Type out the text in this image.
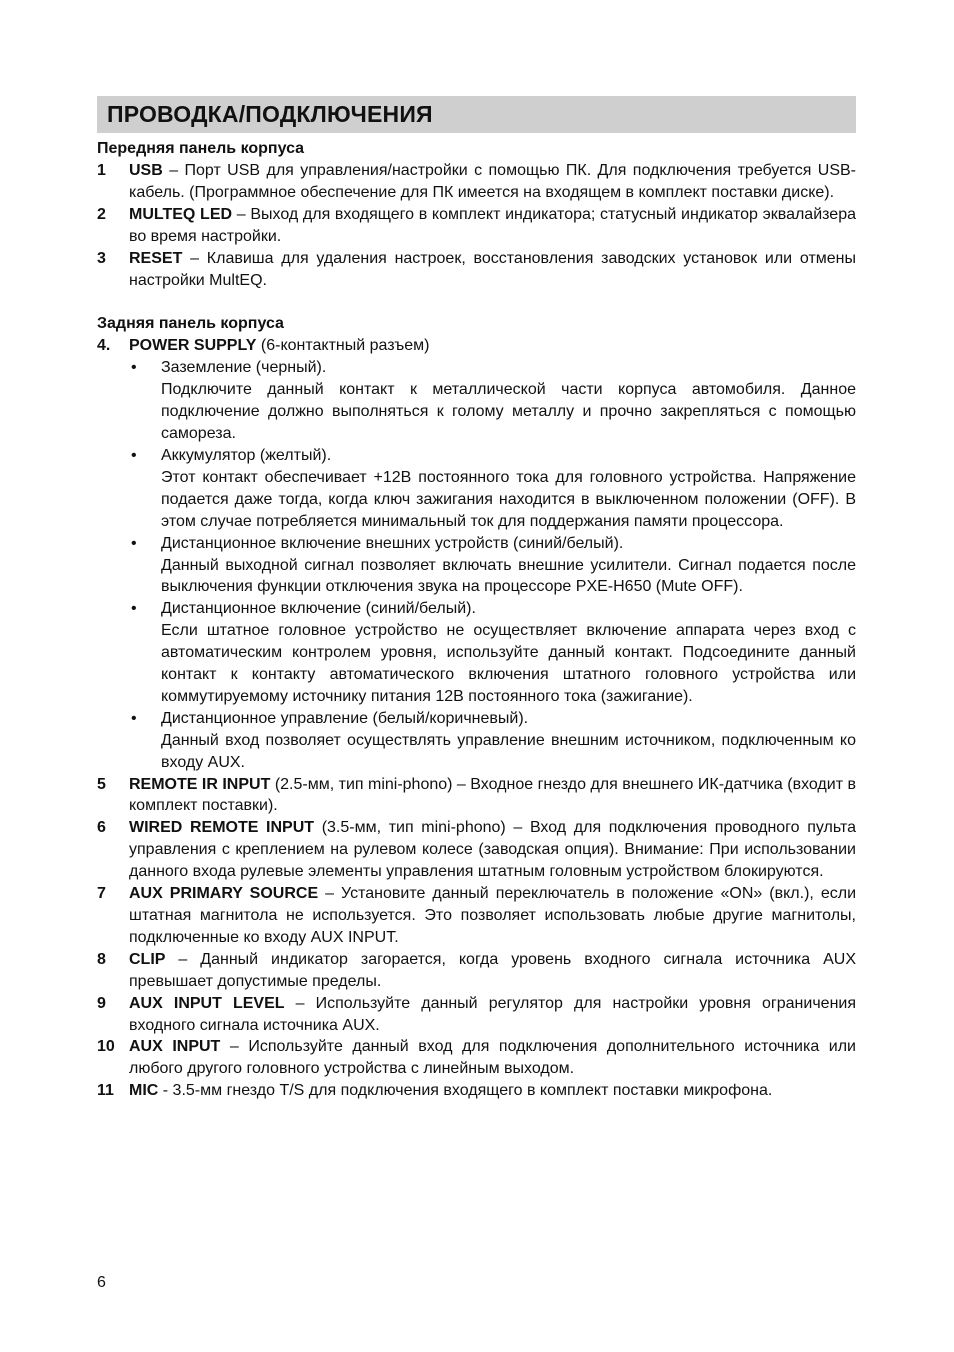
ПРОВОДКА/ПОДКЛЮЧЕНИЯ

Передняя панель корпуса

1	USB – Порт USB для управления/настройки с помощью ПК. Для подключения требуется USB-кабель. (Программное обеспечение для ПК имеется на входящем в комплект поставки диске).
2	MULTEQ LED – Выход для входящего в комплект индикатора; статусный индикатор эквалайзера во время настройки.
3	RESET – Клавиша для удаления настроек, восстановления заводских установок или отмены настройки MultEQ.

Задняя панель корпуса

4.	POWER SUPPLY (6-контактный разъем)
•	Заземление (черный).

Подключите данный контакт к металлической части корпуса автомобиля. Данное подключение должно выполняться к голому металлу и прочно закрепляться с помощью самореза.

•	Аккумулятор (желтый).

Этот контакт обеспечивает +12В постоянного тока для головного устройства. Напряжение подается даже тогда, когда ключ зажигания находится в выключенном положении (OFF). В этом случае потребляется минимальный ток для поддержания памяти процессора.

•	Дистанционное включение внешних устройств (синий/белый).

Данный выходной сигнал позволяет включать внешние усилители. Сигнал подается после выключения функции отключения звука на процессоре PXE-H650 (Mute OFF).

•	Дистанционное включение (синий/белый).

Если штатное головное устройство не осуществляет включение аппарата через вход с автоматическим контролем уровня, используйте данный контакт. Подсоедините данный контакт к контакту автоматического включения штатного головного устройства или коммутируемому источнику питания 12В постоянного тока (зажигание).

•	Дистанционное управление (белый/коричневый).

Данный вход позволяет осуществлять управление внешним источником, подключенным ко входу AUX.

5	REMOTE IR INPUT (2.5-мм, тип mini-phono) – Входное гнездо для внешнего ИК-датчика (входит в комплект поставки).
6	WIRED REMOTE INPUT (3.5-мм, тип mini-phono) – Вход для подключения проводного пульта управления с креплением на рулевом колесе (заводская опция). Внимание: При использовании данного входа рулевые элементы управления штатным головным устройством блокируются.
7	AUX PRIMARY SOURCE – Установите данный переключатель в положение «ON» (вкл.), если штатная магнитола не используется. Это позволяет использовать любые другие магнитолы, подключенные ко входу AUX INPUT.
8	CLIP – Данный индикатор загорается, когда уровень входного сигнала источника AUX превышает допустимые пределы.
9	AUX INPUT LEVEL – Используйте данный регулятор для настройки уровня ограничения входного сигнала источника AUX.
10 AUX INPUT – Используйте данный вход для подключения дополнительного источника или любого другого головного устройства с линейным выходом.
11 MIC - 3.5-мм гнездо T/S для подключения входящего в комплект поставки микрофона.
6
